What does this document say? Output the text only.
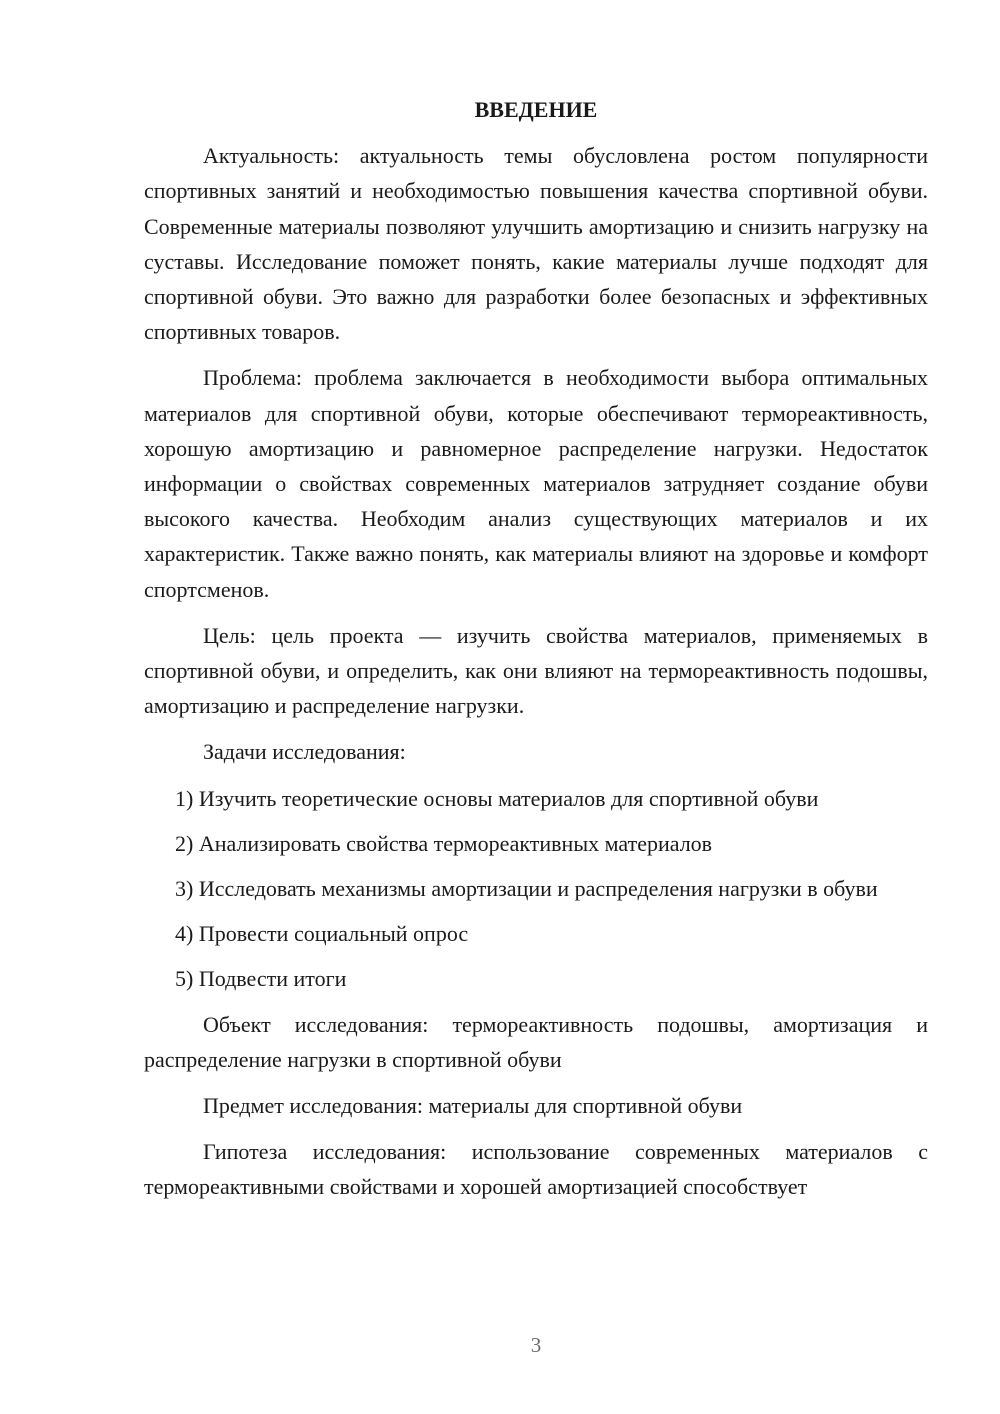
ВВЕДЕНИЕ

Актуальность: актуальность темы обусловлена ростом популярности спортивных занятий и необходимостью повышения качества спортивной обуви. Современные материалы позволяют улучшить амортизацию и снизить нагрузку на суставы. Исследование поможет понять, какие материалы лучше подходят для спортивной обуви. Это важно для разработки более безопасных и эффективных спортивных товаров.

Проблема: проблема заключается в необходимости выбора оптимальных материалов для спортивной обуви, которые обеспечивают термореактивность, хорошую амортизацию и равномерное распределение нагрузки. Недостаток информации о свойствах современных материалов затрудняет создание обуви высокого качества. Необходим анализ существующих материалов и их характеристик. Также важно понять, как материалы влияют на здоровье и комфорт спортсменов.

Цель: цель проекта — изучить свойства материалов, применяемых в спортивной обуви, и определить, как они влияют на термореактивность подошвы, амортизацию и распределение нагрузки.

Задачи исследования:

1) Изучить теоретические основы материалов для спортивной обуви

2) Анализировать свойства термореактивных материалов

3) Исследовать механизмы амортизации и распределения нагрузки в обуви

4) Провести социальный опрос

5) Подвести итоги

Объект исследования: термореактивность подошвы, амортизация и распределение нагрузки в спортивной обуви

Предмет исследования: материалы для спортивной обуви

Гипотеза исследования: использование современных материалов с термореактивными свойствами и хорошей амортизацией способствует

3
